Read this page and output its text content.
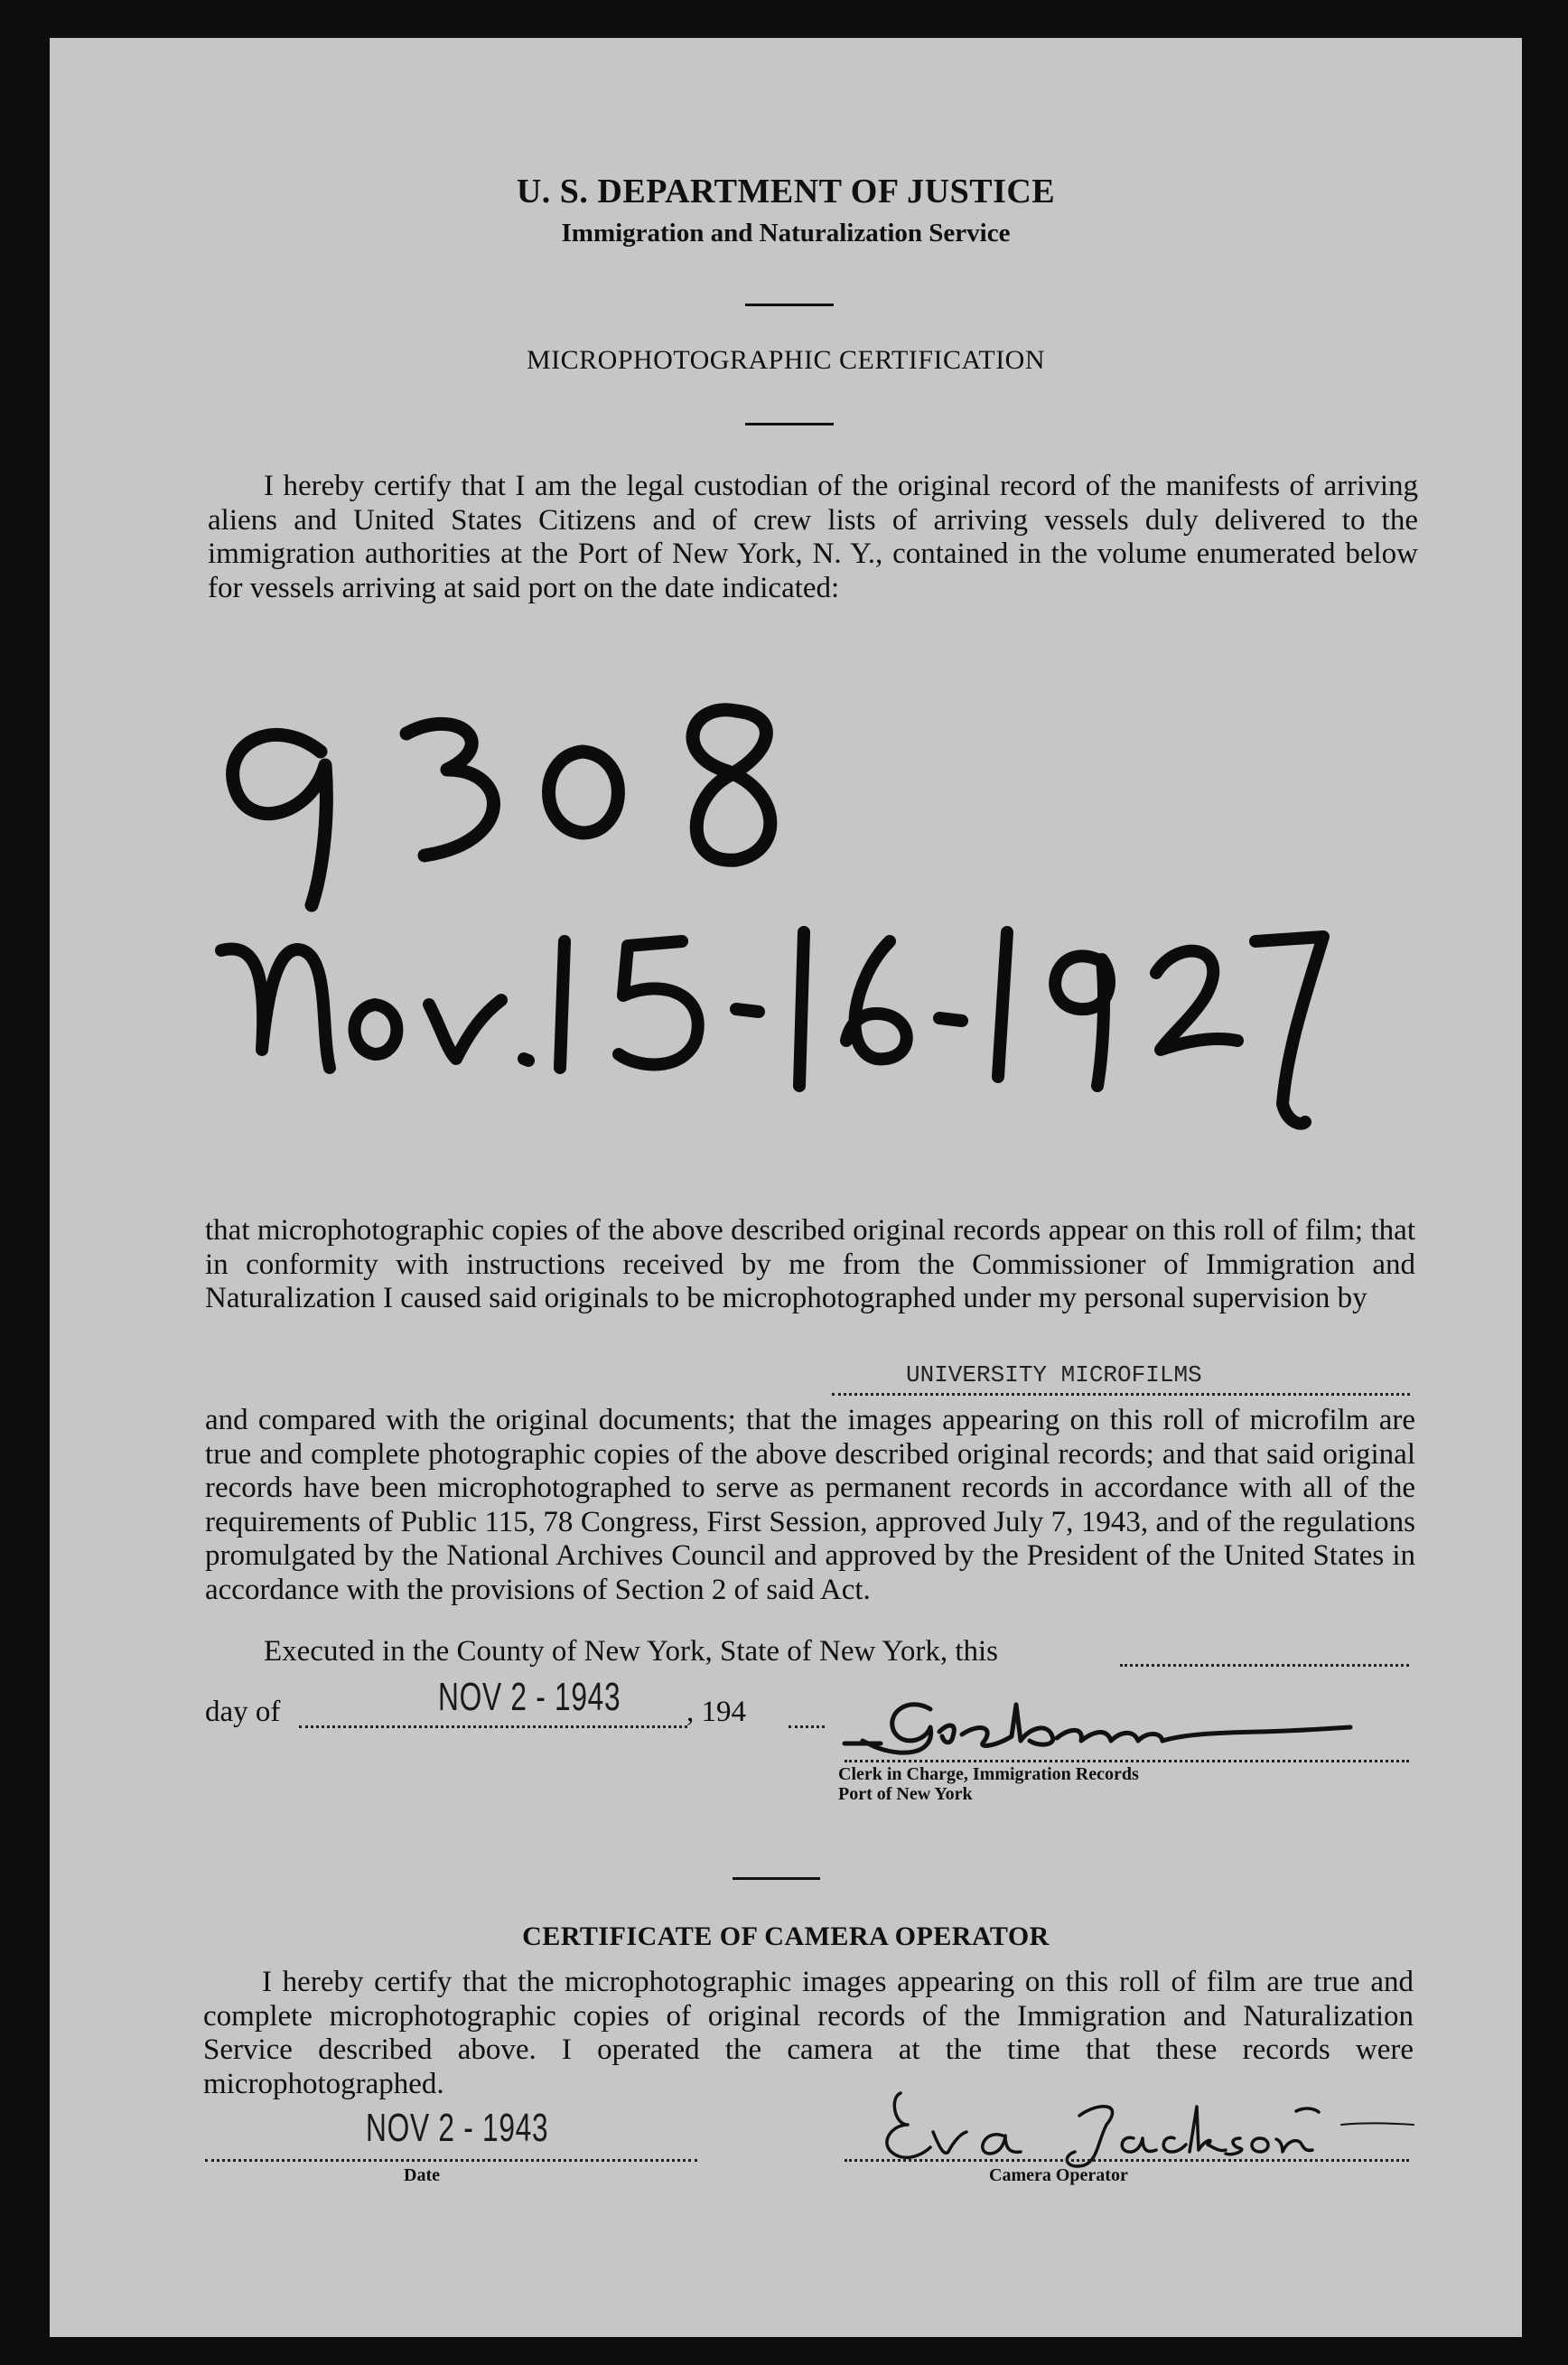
U. S. DEPARTMENT OF JUSTICE
Immigration and Naturalization Service
MICROPHOTOGRAPHIC CERTIFICATION

I hereby certify that I am the legal custodian of the original record of the manifests of arriving aliens and United States Citizens and of crew lists of arriving vessels duly delivered to the immigration authorities at the Port of New York, N. Y., contained in the volume enumerated below for vessels arriving at said port on the date indicated:

that microphotographic copies of the above described original records appear on this roll of film; that in conformity with instructions received by me from the Commissioner of Immigration and Naturalization I caused said originals to be microphotographed under my personal supervision by

UNIVERSITY MICROFILMS

and compared with the original documents; that the images appearing on this roll of microfilm are true and complete photographic copies of the above described original records; and that said original records have been microphotographed to serve as permanent records in accordance with all of the requirements of Public 115, 78 Congress, First Session, approved July 7, 1943, and of the regulations promulgated by the National Archives Council and approved by the President of the United States in accordance with the provisions of Section 2 of said Act.

Executed in the County of New York, State of New York, this
day of	NOV 2 - 1943 , 194
Clerk in Charge, Immigration Records
Port of New York
CERTIFICATE OF CAMERA OPERATOR

I hereby certify that the microphotographic images appearing on this roll of film are true and complete microphotographic copies of original records of the Immigration and Naturalization Service described above. I operated the camera at the time that these records were microphotographed.

NOV 2 - 1943
Date	Camera Operator
